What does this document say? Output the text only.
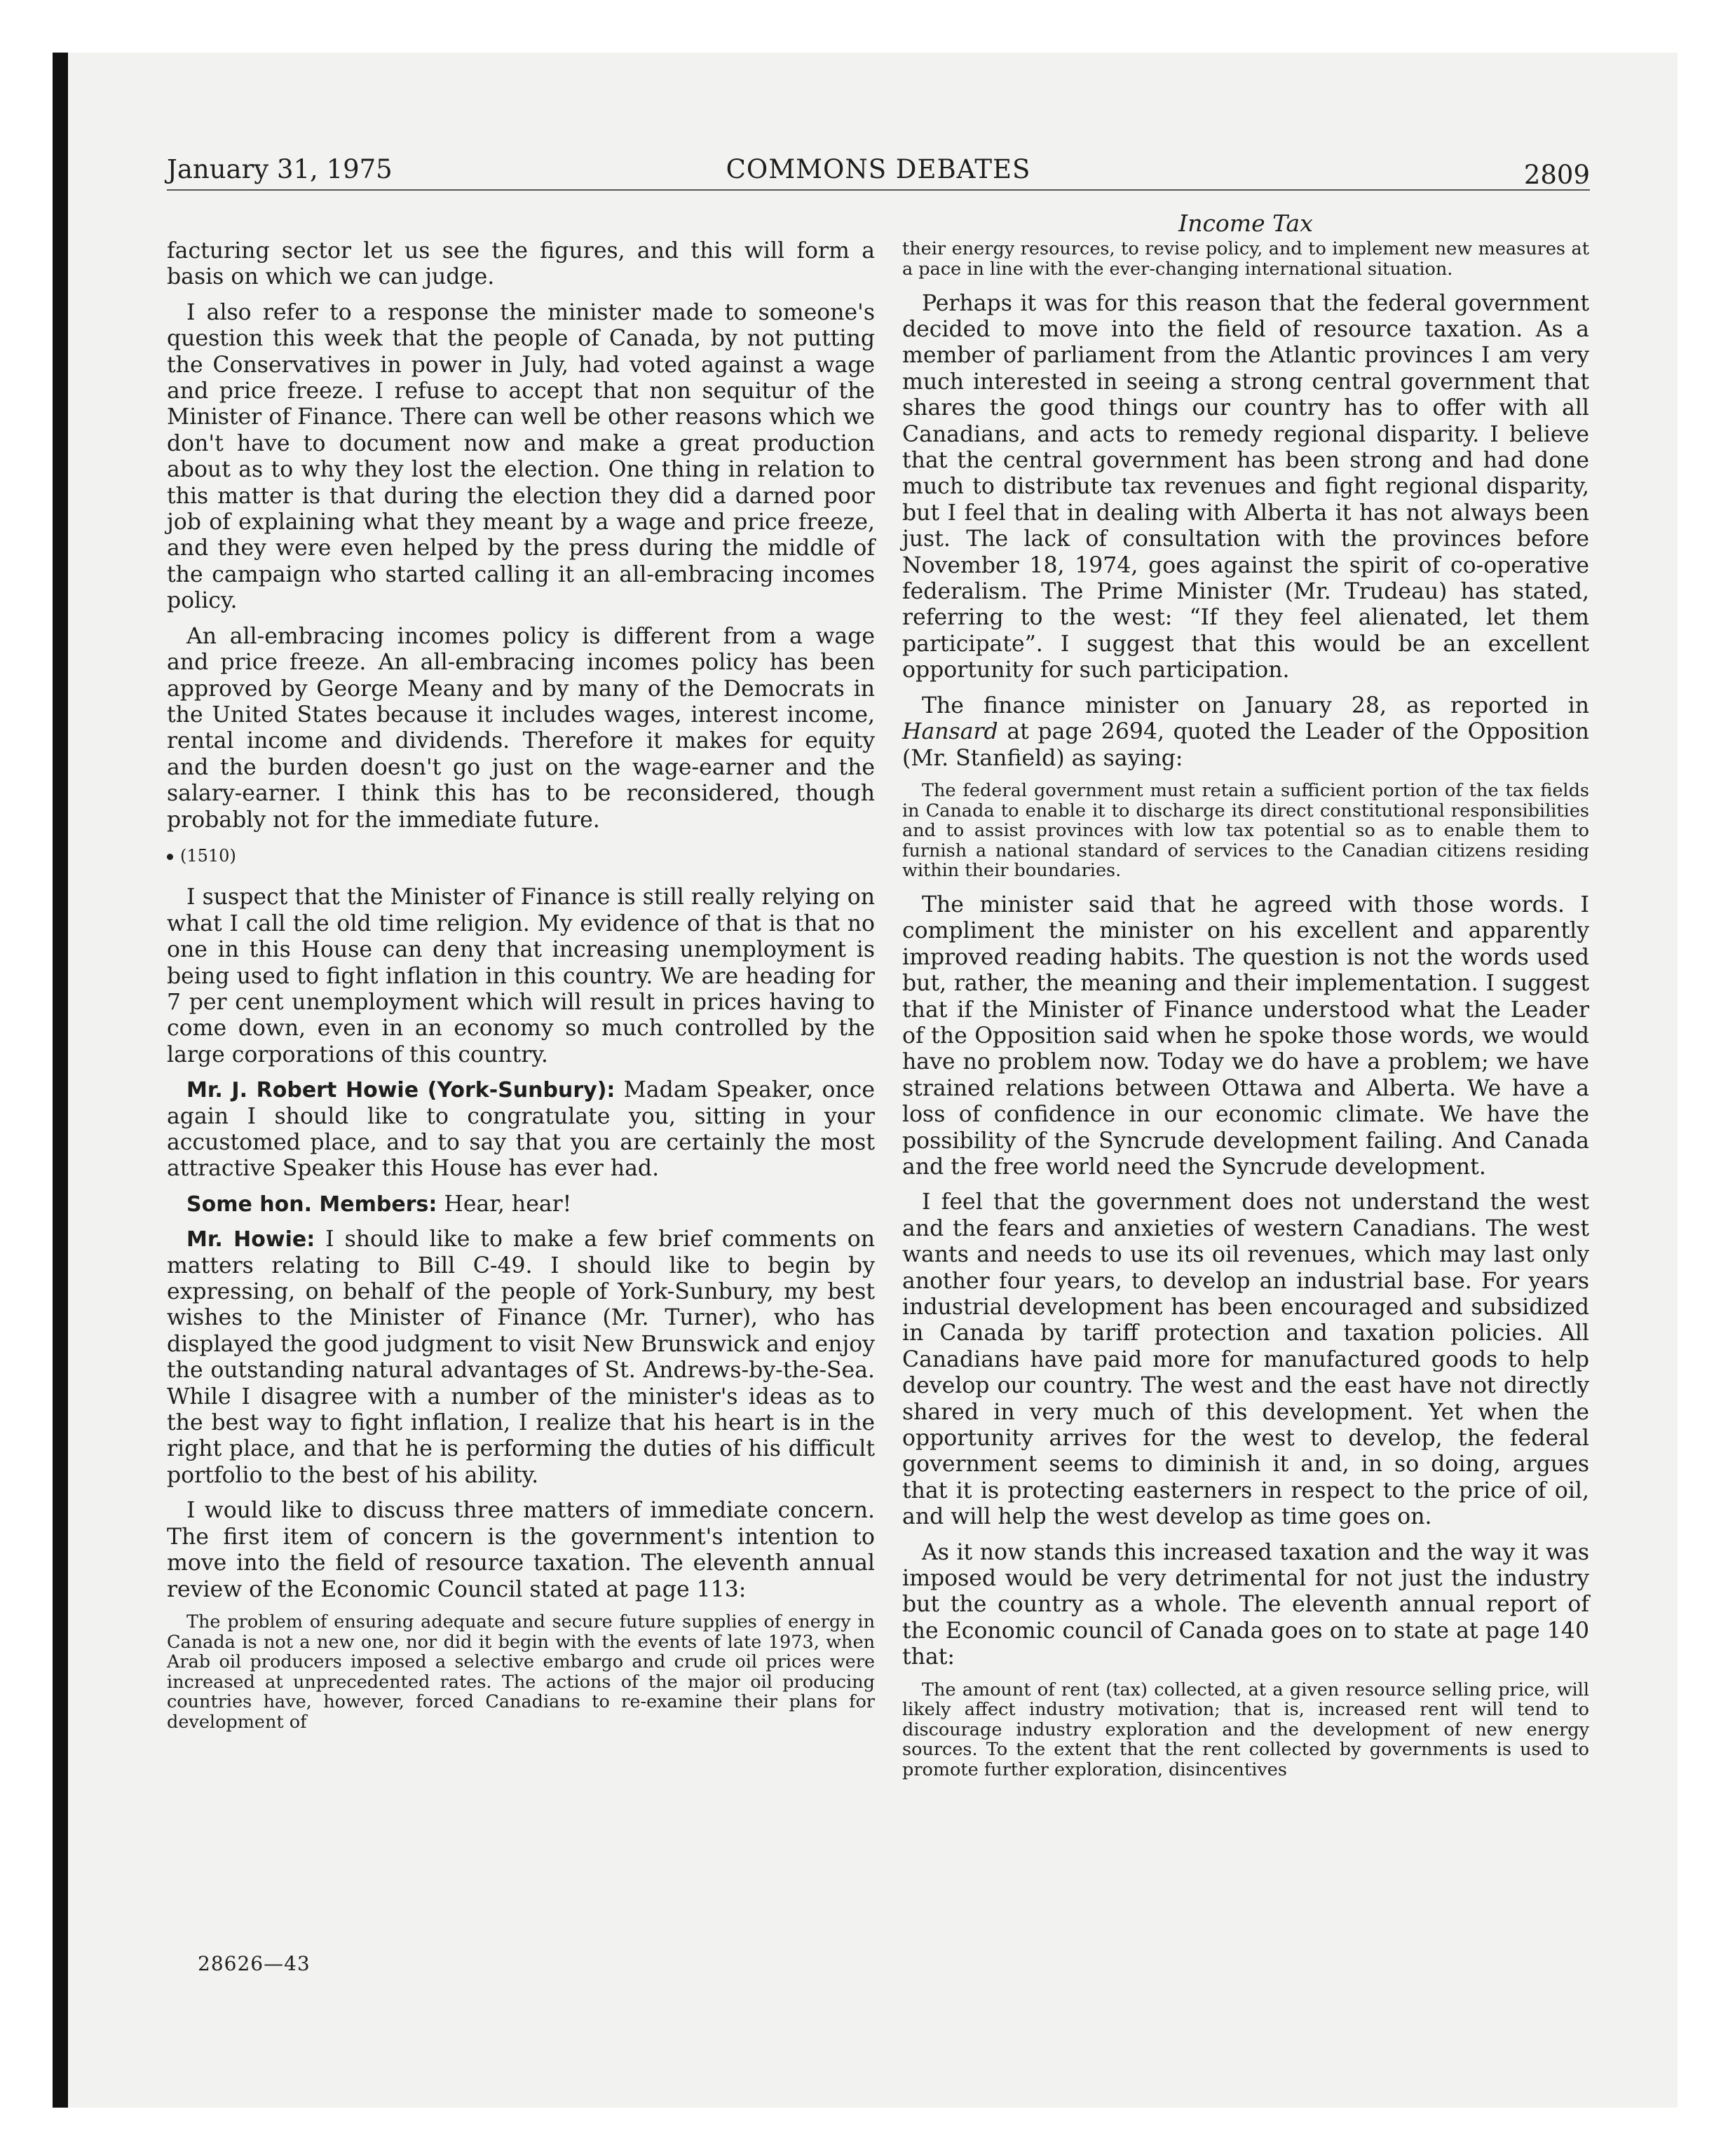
January 31, 1975	COMMONS DEBATES	2809

facturing sector let us see the figures, and this will form a basis on which we can judge.

I also refer to a response the minister made to someone's question this week that the people of Canada, by not putting the Conservatives in power in July, had voted against a wage and price freeze. I refuse to accept that non sequitur of the Minister of Finance. There can well be other reasons which we don't have to document now and make a great production about as to why they lost the election. One thing in relation to this matter is that during the election they did a darned poor job of explaining what they meant by a wage and price freeze, and they were even helped by the press during the middle of the campaign who started calling it an all-embracing incomes policy.

An all-embracing incomes policy is different from a wage and price freeze. An all-embracing incomes policy has been approved by George Meany and by many of the Democrats in the United States because it includes wages, interest income, rental income and dividends. Therefore it makes for equity and the burden doesn't go just on the wage-earner and the salary-earner. I think this has to be reconsidered, though probably not for the immediate future.

(1510)

I suspect that the Minister of Finance is still really relying on what I call the old time religion. My evidence of that is that no one in this House can deny that increasing unemployment is being used to fight inflation in this country. We are heading for 7 per cent unemployment which will result in prices having to come down, even in an economy so much controlled by the large corporations of this country.

Mr. J. Robert Howie (York-Sunbury): Madam Speaker, once again I should like to congratulate you, sitting in your accustomed place, and to say that you are certainly the most attractive Speaker this House has ever had.

Some hon. Members: Hear, hear!

Mr. Howie: I should like to make a few brief comments on matters relating to Bill C-49. I should like to begin by expressing, on behalf of the people of York-Sunbury, my best wishes to the Minister of Finance (Mr. Turner), who has displayed the good judgment to visit New Brunswick and enjoy the outstanding natural advantages of St. Andrews-by-the-Sea. While I disagree with a number of the minister's ideas as to the best way to fight inflation, I realize that his heart is in the right place, and that he is performing the duties of his difficult portfolio to the best of his ability.

I would like to discuss three matters of immediate concern. The first item of concern is the government's intention to move into the field of resource taxation. The eleventh annual review of the Economic Council stated at page 113:

The problem of ensuring adequate and secure future supplies of energy in Canada is not a new one, nor did it begin with the events of late 1973, when Arab oil producers imposed a selective embargo and crude oil prices were increased at unprecedented rates. The actions of the major oil producing countries have, however, forced Canadians to re-examine their plans for development of

Income Tax

their energy resources, to revise policy, and to implement new measures at a pace in line with the ever-changing international situation.

Perhaps it was for this reason that the federal government decided to move into the field of resource taxation. As a member of parliament from the Atlantic provinces I am very much interested in seeing a strong central government that shares the good things our country has to offer with all Canadians, and acts to remedy regional disparity. I believe that the central government has been strong and had done much to distribute tax revenues and fight regional disparity, but I feel that in dealing with Alberta it has not always been just. The lack of consultation with the provinces before November 18, 1974, goes against the spirit of co-operative federalism. The Prime Minister (Mr. Trudeau) has stated, referring to the west: “If they feel alienated, let them participate”. I suggest that this would be an excellent opportunity for such participation.

The finance minister on January 28, as reported in Hansard at page 2694, quoted the Leader of the Opposition (Mr. Stanfield) as saying:

The federal government must retain a sufficient portion of the tax fields in Canada to enable it to discharge its direct constitutional responsibilities and to assist provinces with low tax potential so as to enable them to furnish a national standard of services to the Canadian citizens residing within their boundaries.

The minister said that he agreed with those words. I compliment the minister on his excellent and apparently improved reading habits. The question is not the words used but, rather, the meaning and their implementation. I suggest that if the Minister of Finance understood what the Leader of the Opposition said when he spoke those words, we would have no problem now. Today we do have a problem; we have strained relations between Ottawa and Alberta. We have a loss of confidence in our economic climate. We have the possibility of the Syncrude development failing. And Canada and the free world need the Syncrude development.

I feel that the government does not understand the west and the fears and anxieties of western Canadians. The west wants and needs to use its oil revenues, which may last only another four years, to develop an industrial base. For years industrial development has been encouraged and subsidized in Canada by tariff protection and taxation policies. All Canadians have paid more for manufactured goods to help develop our country. The west and the east have not directly shared in very much of this development. Yet when the opportunity arrives for the west to develop, the federal government seems to diminish it and, in so doing, argues that it is protecting easterners in respect to the price of oil, and will help the west develop as time goes on.

As it now stands this increased taxation and the way it was imposed would be very detrimental for not just the industry but the country as a whole. The eleventh annual report of the Economic council of Canada goes on to state at page 140 that:

The amount of rent (tax) collected, at a given resource selling price, will likely affect industry motivation; that is, increased rent will tend to discourage industry exploration and the development of new energy sources. To the extent that the rent collected by governments is used to promote further exploration, disincentives

28626—43
